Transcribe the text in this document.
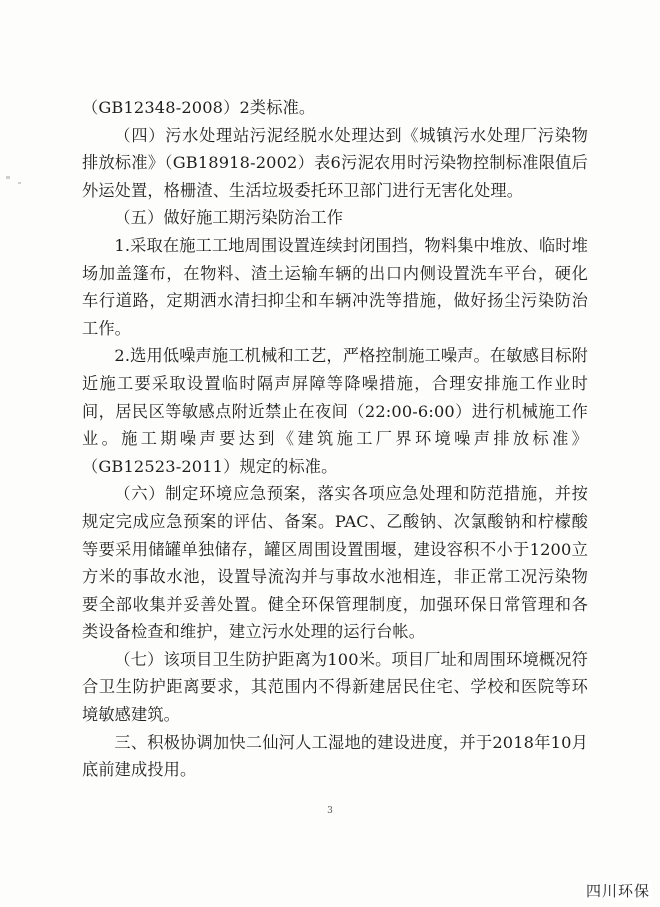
（GB12348-2008）2类标准。

（四）污水处理站污泥经脱水处理达到《城镇污水处理厂污染物排放标准》（GB18918-2002）表6污泥农用时污染物控制标准限值后外运处置，格栅渣、生活垃圾委托环卫部门进行无害化处理。

（五）做好施工期污染防治工作

1.采取在施工工地周围设置连续封闭围挡，物料集中堆放、临时堆场加盖篷布，在物料、渣土运输车辆的出口内侧设置洗车平台，硬化车行道路，定期洒水清扫抑尘和车辆冲洗等措施，做好扬尘污染防治工作。

2.选用低噪声施工机械和工艺，严格控制施工噪声。在敏感目标附近施工要采取设置临时隔声屏障等降噪措施，合理安排施工作业时间，居民区等敏感点附近禁止在夜间（22:00-6:00）进行机械施工作业。施工期噪声要达到《建筑施工厂界环境噪声排放标准》（GB12523-2011）规定的标准。

（六）制定环境应急预案，落实各项应急处理和防范措施，并按规定完成应急预案的评估、备案。PAC、乙酸钠、次氯酸钠和柠檬酸等要采用储罐单独储存，罐区周围设置围堰，建设容积不小于1200立方米的事故水池，设置导流沟并与事故水池相连，非正常工况污染物要全部收集并妥善处置。健全环保管理制度，加强环保日常管理和各类设备检查和维护，建立污水处理的运行台帐。

（七）该项目卫生防护距离为100米。项目厂址和周围环境概况符合卫生防护距离要求，其范围内不得新建居民住宅、学校和医院等环境敏感建筑。

三、积极协调加快二仙河人工湿地的建设进度，并于2018年10月底前建成投用。

3
四川环保
